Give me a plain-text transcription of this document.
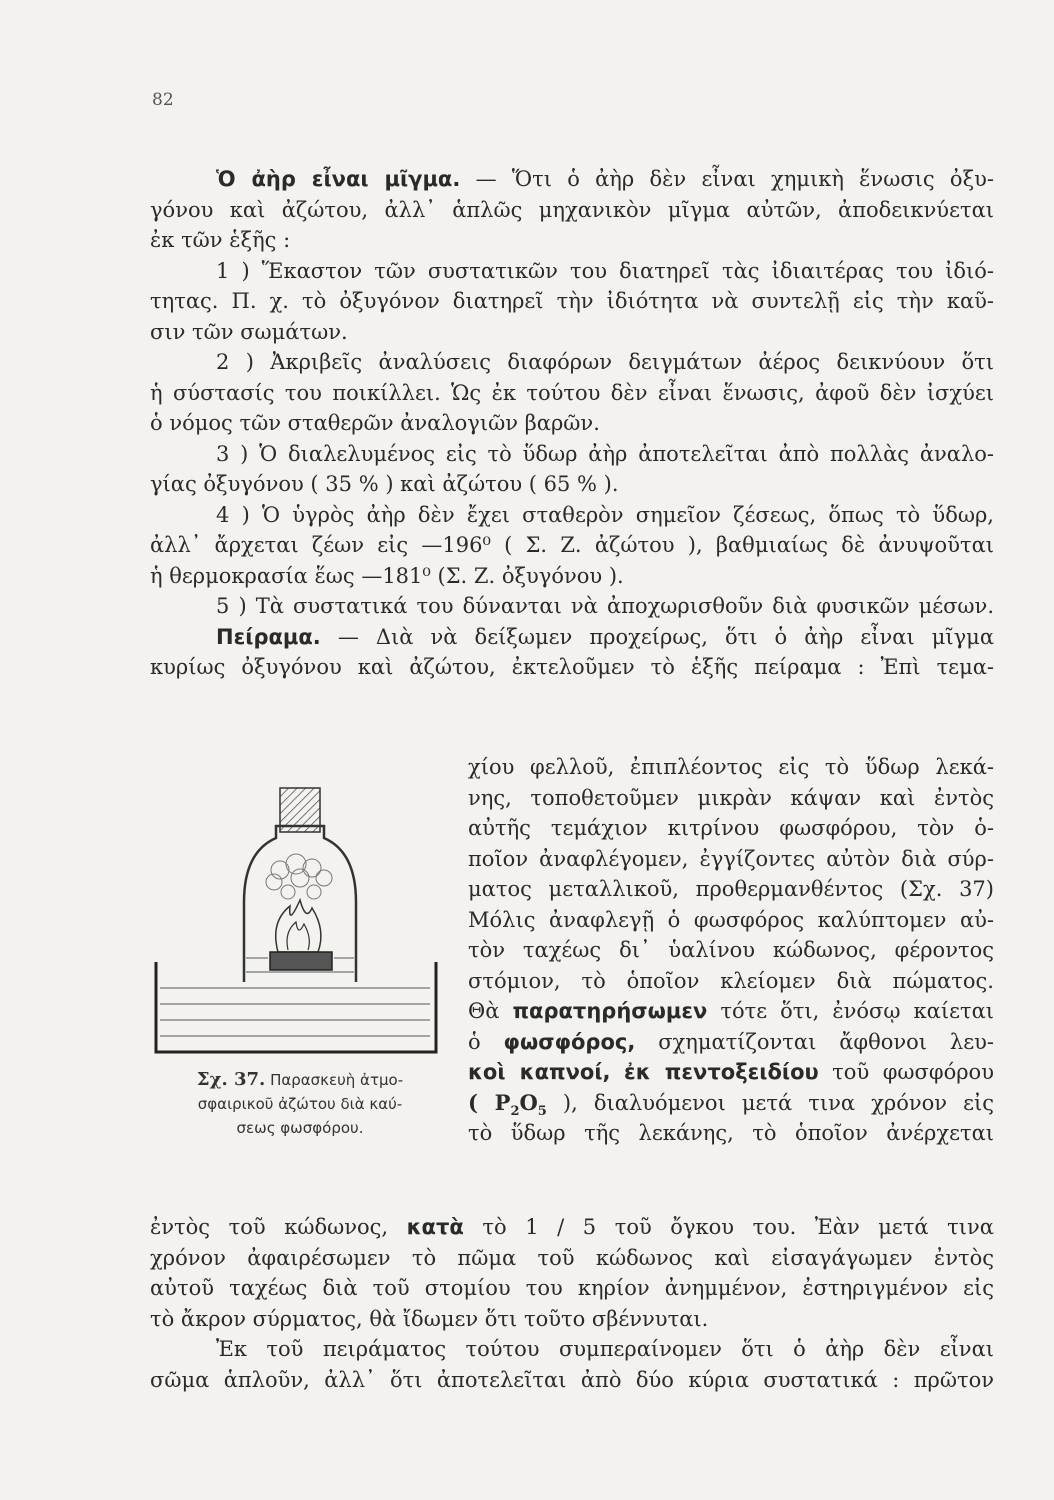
82
Ὁ ἀὴρ εἶναι μῖγμα. — Ὅτι ὁ ἀὴρ δὲν εἶναι χημικὴ ἕνωσις ὀξυ-
γόνου καὶ ἀζώτου, ἀλλ᾽ ἁπλῶς μηχανικὸν μῖγμα αὐτῶν, ἀποδεικνύεται
ἐκ τῶν ἑξῆς :
1 ) Ἕκαστον τῶν συστατικῶν του διατηρεῖ τὰς ἰδιαιτέρας του ἰδιό-
τητας. Π. χ. τὸ ὀξυγόνον διατηρεῖ τὴν ἰδιότητα νὰ συντελῇ εἰς τὴν καῦ-
σιν τῶν σωμάτων.
2 ) Ἀκριβεῖς ἀναλύσεις διαφόρων δειγμάτων ἀέρος δεικνύουν ὅτι
ἡ σύστασίς του ποικίλλει. Ὡς ἐκ τούτου δὲν εἶναι ἕνωσις, ἀφοῦ δὲν ἰσχύει
ὁ νόμος τῶν σταθερῶν ἀναλογιῶν βαρῶν.
3 ) Ὁ διαλελυμένος εἰς τὸ ὕδωρ ἀὴρ ἀποτελεῖται ἀπὸ πολλὰς ἀναλο-
γίας ὀξυγόνου ( 35 % ) καὶ ἀζώτου ( 65 % ).
4 ) Ὁ ὑγρὸς ἀὴρ δὲν ἔχει σταθερὸν σημεῖον ζέσεως, ὅπως τὸ ὕδωρ,
ἀλλ᾽ ἄρχεται ζέων εἰς —196⁰ ( Σ. Ζ. ἀζώτου ), βαθμιαίως δὲ ἀνυψοῦται
ἡ θερμοκρασία ἕως —181⁰ (Σ. Ζ. ὀξυγόνου ).
5 ) Τὰ συστατικά του δύνανται νὰ ἀποχωρισθοῦν διὰ φυσικῶν μέσων.
Πείραμα. — Διὰ νὰ δείξωμεν προχείρως, ὅτι ὁ ἀὴρ εἶναι μῖγμα
κυρίως ὀξυγόνου καὶ ἀζώτου, ἐκτελοῦμεν τὸ ἑξῆς πείραμα : Ἐπὶ τεμα-
Σχ. 37. Παρασκευὴ ἀτμο-
σφαιρικοῦ ἀζώτου διὰ καύ-
σεως φωσφόρου.
χίου φελλοῦ, ἐπιπλέοντος εἰς τὸ ὕδωρ λεκά-
νης, τοποθετοῦμεν μικρὰν κάψαν καὶ ἐντὸς
αὐτῆς τεμάχιον κιτρίνου φωσφόρου, τὸν ὁ-
ποῖον ἀναφλέγομεν, ἐγγίζοντες αὐτὸν διὰ σύρ-
ματος μεταλλικοῦ, προθερμανθέντος (Σχ. 37)
Μόλις ἀναφλεγῇ ὁ φωσφόρος καλύπτομεν αὐ-
τὸν ταχέως δι᾽ ὑαλίνου κώδωνος, φέροντος
στόμιον, τὸ ὁποῖον κλείομεν διὰ πώματος.
Θὰ παρατηρήσωμεν τότε ὅτι, ἐνόσῳ καίεται
ὁ φωσφόρος, σχηματίζονται ἄφθονοι λευ-
κοὶ καπνοί, ἐκ πεντοξειδίου τοῦ φωσφόρου
( $P_2O_5$ ), διαλυόμενοι μετά τινα χρόνον εἰς
τὸ ὕδωρ τῆς λεκάνης, τὸ ὁποῖον ἀνέρχεται
ἐντὸς τοῦ κώδωνος, κατὰ τὸ 1 / 5 τοῦ ὄγκου του. Ἐὰν μετά τινα
χρόνον ἀφαιρέσωμεν τὸ πῶμα τοῦ κώδωνος καὶ εἰσαγάγωμεν ἐντὸς
αὐτοῦ ταχέως διὰ τοῦ στομίου του κηρίον ἀνημμένον, ἐστηριγμένον εἰς
τὸ ἄκρον σύρματος, θὰ ἴδωμεν ὅτι τοῦτο σβέννυται.
Ἐκ τοῦ πειράματος τούτου συμπεραίνομεν ὅτι ὁ ἀὴρ δὲν εἶναι
σῶμα ἁπλοῦν, ἀλλ᾽ ὅτι ἀποτελεῖται ἀπὸ δύο κύρια συστατικά : πρῶτον
